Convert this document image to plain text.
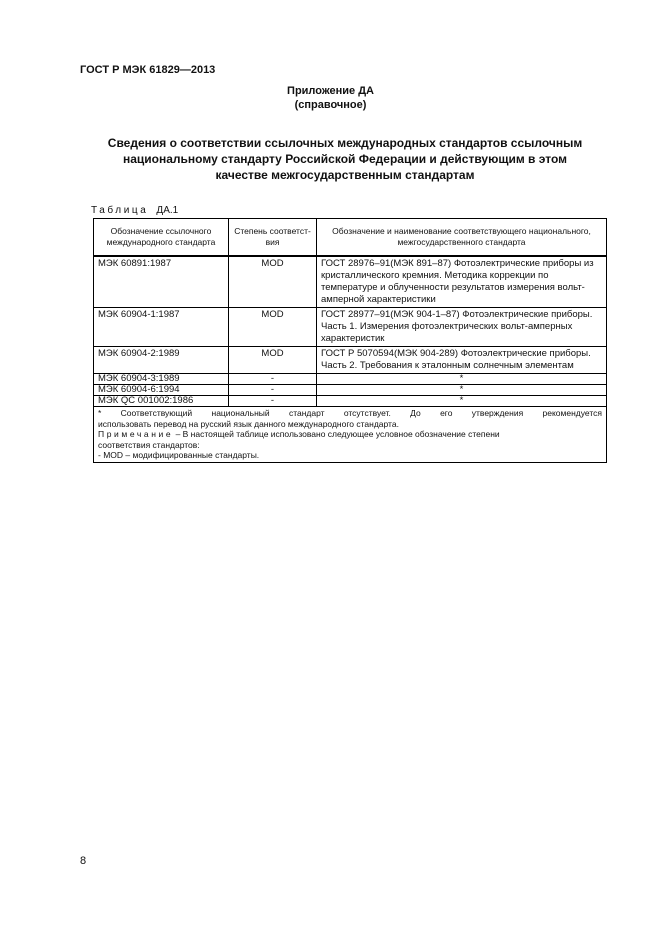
ГОСТ Р МЭК 61829—2013
Приложение ДА
(справочное)
Сведения о соответствии ссылочных международных стандартов ссылочным
национальному стандарту Российской Федерации и действующим в этом
качестве межгосударственным стандартам
Таблица ДА.1
Обозначение ссылочного международного стандарта	Степень соответст-вия	Обозначение и наименование соответствующего национального, межгосударственного стандарта
МЭК 60891:1987	MOD	ГОСТ 28976–91(МЭК 891–87) Фотоэлектрические приборы из кристаллического кремния. Методика коррекции по температуре и облученности результатов измерения вольт-амперной характеристики
МЭК 60904-1:1987	MOD	ГОСТ 28977–91(МЭК 904-1–87) Фотоэлектрические приборы. Часть 1. Измерения фотоэлектрических вольт-амперных характеристик
МЭК 60904-2:1989	MOD	ГОСТ Р 5070594(МЭК 904-289) Фотоэлектрические приборы. Часть 2. Требования к эталонным солнечным элементам
МЭК 60904-3:1989	-	*
МЭК 60904-6:1994	-	*
МЭК QC 001002:1986	-	*

* Соответствующий национальный стандарт отсутствует. До его утверждения рекомендуется
использовать перевод на русский язык данного международного стандарта.
Примечание – В настоящей таблице использовано следующее условное обозначение степени
соответствия стандартов:
- MOD – модифицированные стандарты.		
8
